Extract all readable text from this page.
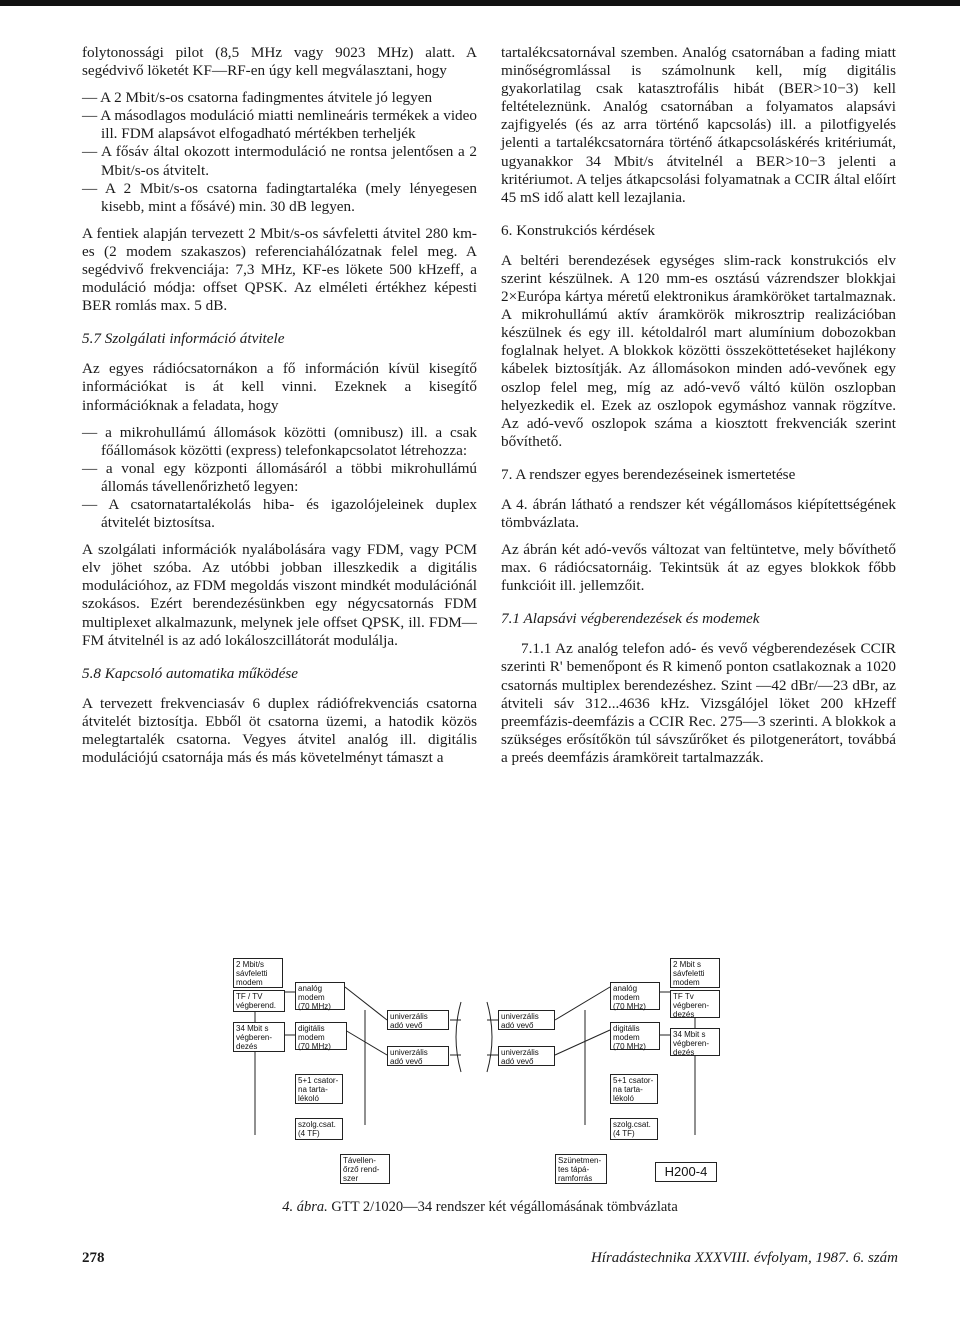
folytonossági pilot (8,5 MHz vagy 9023 MHz) alatt. A segédvivő löketét KF—RF-en úgy kell megválasztani, hogy

— A 2 Mbit/s-os csatorna fadingmentes átvitele jó legyen

— A másodlagos moduláció miatti nemlineáris termékek a video ill. FDM alapsávot elfogadható mértékben terheljék

— A fősáv által okozott intermoduláció ne rontsa jelentősen a 2 Mbit/s-os átvitelt.

— A 2 Mbit/s-os csatorna fadingtartaléka (mely lényegesen kisebb, mint a fősávé) min. 30 dB legyen.

A fentiek alapján tervezett 2 Mbit/s-os sávfeletti átvitel 280 km-es (2 modem szakaszos) referenciahálózatnak felel meg. A segédvivő frekvenciája: 7,3 MHz, KF-es lökete 500 kHzeff, a moduláció módja: offset QPSK. Az elméleti értékhez képesti BER romlás max. 5 dB.

5.7 Szolgálati információ átvitele

Az egyes rádiócsatornákon a fő információn kívül kisegítő információkat is át kell vinni. Ezeknek a kisegítő információknak a feladata, hogy

— a mikrohullámú állomások közötti (omnibusz) ill. a csak főállomások közötti (express) telefonkapcsolatot létrehozza:

— a vonal egy központi állomásáról a többi mikrohullámú állomás távellenőrizhető legyen:

— A csatornatartalékolás hiba- és igazolójeleinek duplex átvitelét biztosítsa.

A szolgálati információk nyalábolására vagy FDM, vagy PCM elv jöhet szóba. Az utóbbi jobban illeszkedik a digitális modulációhoz, az FDM megoldás viszont mindkét modulációnál szokásos. Ezért berendezésünkben egy négycsatornás FDM multiplexet alkalmazunk, melynek jele offset QPSK, ill. FDM—FM átvitelnél is az adó lokáloszcillátorát modulálja.

5.8 Kapcsoló automatika működése

A tervezett frekvenciasáv 6 duplex rádiófrekvenciás csatorna átvitelét biztosítja. Ebből öt csatorna üzemi, a hatodik közös melegtartalék csatorna. Vegyes átvitel analóg ill. digitális modulációjú csatornája más és más követelményt támaszt a

tartalékcsatornával szemben. Analóg csatornában a fading miatt minőségromlással is számolnunk kell, míg digitális gyakorlatilag csak katasztrofális hibát (BER>10−3) kell feltételeznünk. Analóg csatornában a folyamatos alapsávi zajfigyelés (és az arra történő kapcsolás) ill. a pilotfigyelés jelenti a tartalékcsatornára történő átkapcsoláskérés kritériumát, ugyanakkor 34 Mbit/s átvitelnél a BER>10−3 jelenti a kritériumot. A teljes átkapcsolási folyamatnak a CCIR által előírt 45 mS idő alatt kell lezajlania.

6. Konstrukciós kérdések

A beltéri berendezések egységes slim-rack konstrukciós elv szerint készülnek. A 120 mm-es osztású vázrendszer blokkjai 2×Európa kártya méretű elektronikus áramköröket tartalmaznak. A mikrohullámú aktív áramkörök mikrosztrip realizációban készülnek és egy ill. kétoldalról mart alumínium dobozokban foglalnak helyet. A blokkok közötti összeköttetéseket hajlékony kábelek biztosítják. Az állomásokon minden adó-vevőnek egy oszlop felel meg, míg az adó-vevő váltó külön oszlopban helyezkedik el. Ezek az oszlopok egymáshoz vannak rögzítve. Az adó-vevő oszlopok száma a kiosztott frekvenciák szerint bővíthető.

7. A rendszer egyes berendezéseinek ismertetése

A 4. ábrán látható a rendszer két végállomásos kiépítettségének tömbvázlata.

Az ábrán két adó-vevős változat van feltüntetve, mely bővíthető max. 6 rádiócsatornáig. Tekintsük át az egyes blokkok főbb funkcióit ill. jellemzőit.

7.1 Alapsávi végberendezések és modemek

7.1.1 Az analóg telefon adó- és vevő végberendezések CCIR szerinti R' bemenőpont és R kimenő ponton csatlakoznak a 1020 csatornás multiplex berendezéshez. Szint —42 dBr/—23 dBr, az átviteli sáv 312...4636 kHz. Vizsgálójel löket 200 kHzeff preemfázis-deemfázis a CCIR Rec. 275—3 szerinti. A blokkok a szükséges erősítőkön túl sávszűrőket és pilotgenerátort, továbbá a preés deemfázis áramköreit tartalmazzák.

2 Mbit/s
sávfeletti
modem
TF / TV
végberend.
analóg
modem
(70 MHz)
34 Mbit s
végberen-
dezés
digitális
modem
(70 MHz)
5+1 csator-
na tarta-
lékoló
univerzális
adó vevő
univerzális
adó vevő
szolg.csat.
(4 TF)
univerzális
adó vevő
univerzális
adó vevő
2 Mbit s
sávfeletti
modem
analóg
modem
(70 MHz)
TF Tv
végberen-
dezés
digitális
modem
(70 MHz)
34 Mbit s
végberen-
dezés
5+1 csator-
na tarta-
lékoló
szolg.csat.
(4 TF)
Távellen-
őrző rend-
szer
Szünetmen-
tes tápá-
ramforrás	H200-4
4. ábra. GTT 2/1020—34 rendszer két végállomásának tömbvázlata
278	Híradástechnika XXXVIII. évfolyam, 1987. 6. szám
